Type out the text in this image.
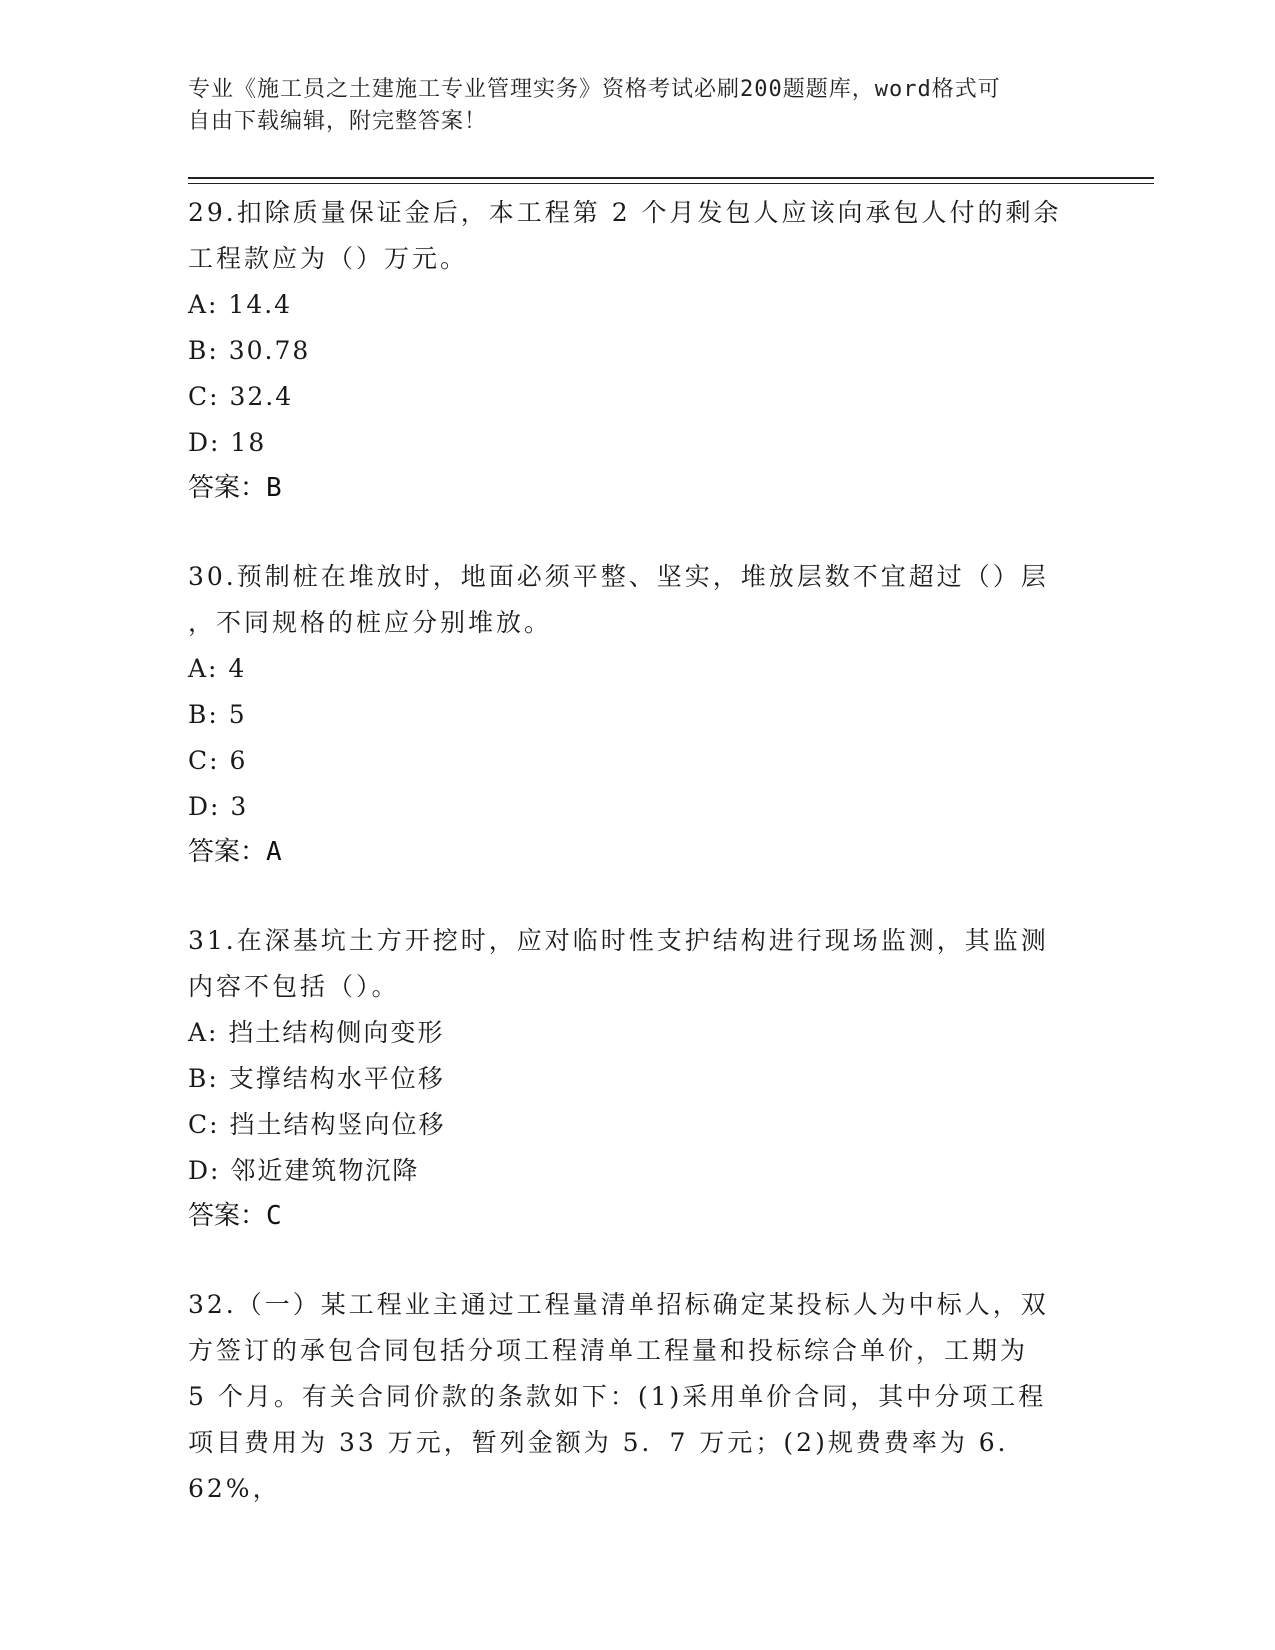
专业《施工员之土建施工专业管理实务》资格考试必刷200题题库，word格式可
自由下载编辑，附完整答案！

29.扣除质量保证金后，本工程第 2 个月发包人应该向承包人付的剩余

工程款应为（）万元。

A: 14.4

B: 30.78

C: 32.4

D: 18

答案：B

30.预制桩在堆放时，地面必须平整、坚实，堆放层数不宜超过（）层

，不同规格的桩应分别堆放。

A: 4

B: 5

C: 6

D: 3

答案：A

31.在深基坑土方开挖时，应对临时性支护结构进行现场监测，其监测

内容不包括（）。

A: 挡土结构侧向变形

B: 支撑结构水平位移

C: 挡土结构竖向位移

D: 邻近建筑物沉降

答案：C

32.（一）某工程业主通过工程量清单招标确定某投标人为中标人，双

方签订的承包合同包括分项工程清单工程量和投标综合单价，工期为

5 个月。有关合同价款的条款如下：(1)采用单价合同，其中分项工程

项目费用为 33 万元，暂列金额为 5．7 万元；(2)规费费率为 6．62%，
